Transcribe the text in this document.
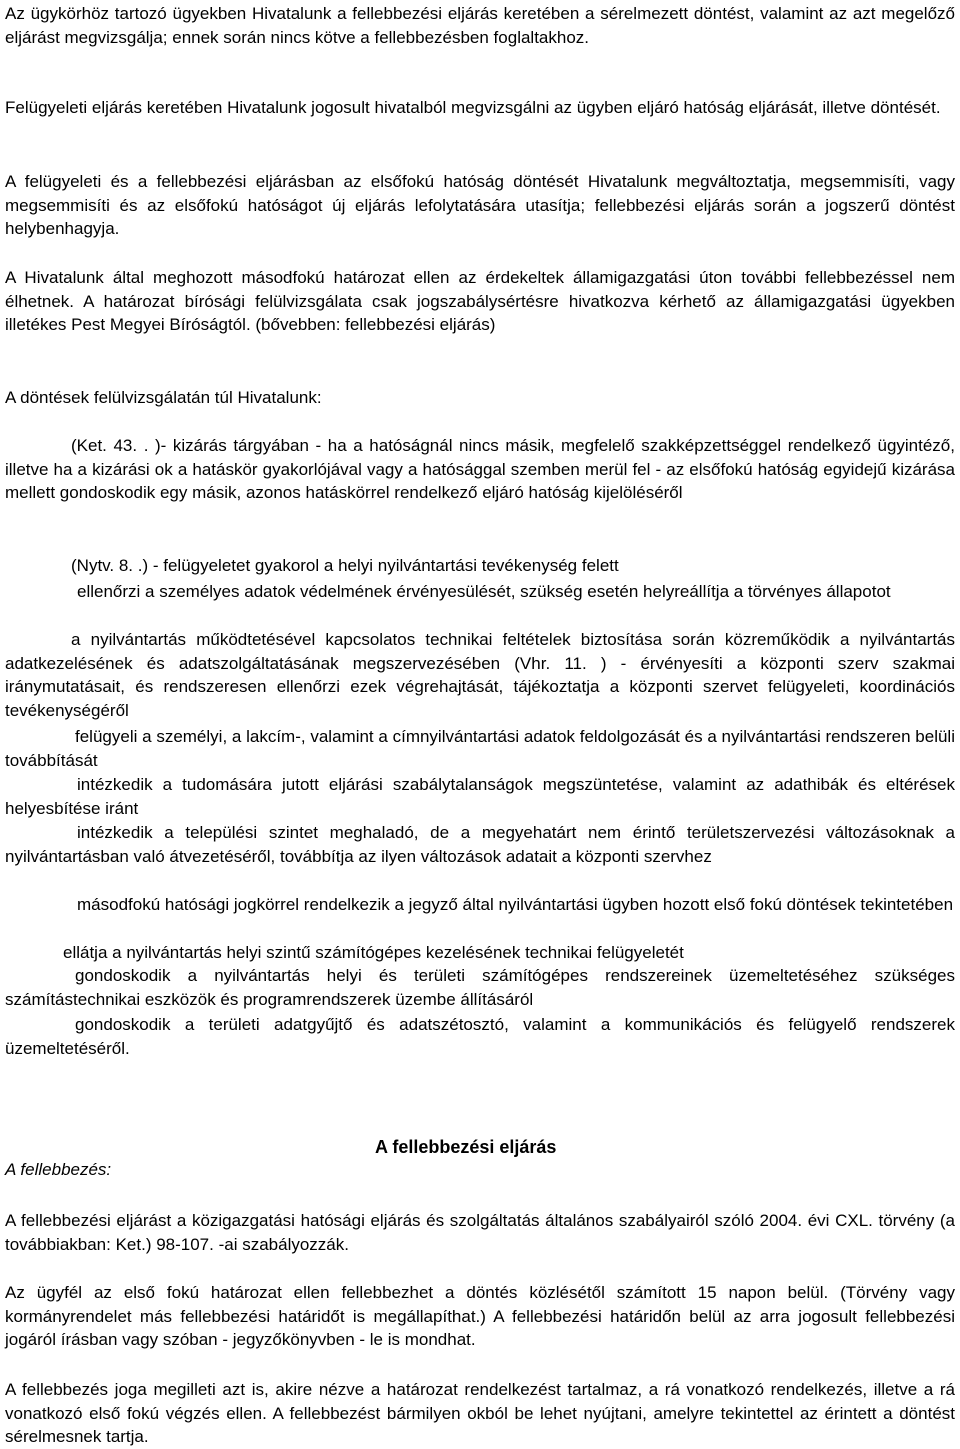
Az ügykörhöz tartozó ügyekben Hivatalunk a fellebbezési eljárás keretében a sérelmezett döntést, valamint az azt megelőző eljárást megvizsgálja; ennek során nincs kötve a fellebbezésben foglaltakhoz.

Felügyeleti eljárás keretében Hivatalunk jogosult hivatalból megvizsgálni az ügyben eljáró hatóság eljárását, illetve döntését.

A felügyeleti és a fellebbezési eljárásban az elsőfokú hatóság döntését Hivatalunk megváltoztatja, megsemmisíti, vagy megsemmisíti és az elsőfokú hatóságot új eljárás lefolytatására utasítja; fellebbezési eljárás során a jogszerű döntést helybenhagyja.

A Hivatalunk által meghozott másodfokú határozat ellen az érdekeltek államigazgatási úton további fellebbezéssel nem élhetnek. A határozat bírósági felülvizsgálata csak jogszabálysértésre hivatkozva kérhető az államigazgatási ügyekben illetékes Pest Megyei Bíróságtól. (bővebben: fellebbezési eljárás)

A döntések felülvizsgálatán túl Hivatalunk:

(Ket. 43. . )- kizárás tárgyában - ha a hatóságnál nincs másik, megfelelő szakképzettséggel rendelkező ügyintéző, illetve ha a kizárási ok a hatáskör gyakorlójával vagy a hatósággal szemben merül fel - az elsőfokú hatóság egyidejű kizárása mellett gondoskodik egy másik, azonos hatáskörrel rendelkező eljáró hatóság kijelöléséről

(Nytv. 8. .) - felügyeletet gyakorol a helyi nyilvántartási tevékenység felett

ellenőrzi a személyes adatok védelmének érvényesülését, szükség esetén helyreállítja a törvényes állapotot

a nyilvántartás működtetésével kapcsolatos technikai feltételek biztosítása során közreműködik a nyilvántartás adatkezelésének és adatszolgáltatásának megszervezésében (Vhr. 11. ) - érvényesíti a központi szerv szakmai iránymutatásait, és rendszeresen ellenőrzi ezek végrehajtását, tájékoztatja a központi szervet felügyeleti, koordinációs tevékenységéről

felügyeli a személyi, a lakcím-, valamint a címnyilvántartási adatok feldolgozását és a nyilvántartási rendszeren belüli továbbítását

intézkedik a tudomására jutott eljárási szabálytalanságok megszüntetése, valamint az adathibák és eltérések helyesbítése iránt

intézkedik a települési szintet meghaladó, de a megyehatárt nem érintő területszervezési változásoknak a nyilvántartásban való átvezetéséről, továbbítja az ilyen változások adatait a központi szervhez

másodfokú hatósági jogkörrel rendelkezik a jegyző által nyilvántartási ügyben hozott első fokú döntések tekintetében

ellátja a nyilvántartás helyi szintű számítógépes kezelésének technikai felügyeletét

gondoskodik a nyilvántartás helyi és területi számítógépes rendszereinek üzemeltetéséhez szükséges számítástechnikai eszközök és programrendszerek üzembe állításáról

gondoskodik a területi adatgyűjtő és adatszétosztó, valamint a kommunikációs és felügyelő rendszerek üzemeltetéséről.

A fellebbezési eljárás

A fellebbezés:

A fellebbezési eljárást a közigazgatási hatósági eljárás és szolgáltatás általános szabályairól szóló 2004. évi CXL. törvény (a továbbiakban: Ket.) 98-107. -ai szabályozzák.

Az ügyfél az első fokú határozat ellen fellebbezhet a döntés közlésétől számított 15 napon belül. (Törvény vagy kormányrendelet más fellebbezési határidőt is megállapíthat.) A fellebbezési határidőn belül az arra jogosult fellebbezési jogáról írásban vagy szóban - jegyzőkönyvben - le is mondhat.

A fellebbezés joga megilleti azt is, akire nézve a határozat rendelkezést tartalmaz, a rá vonatkozó rendelkezés, illetve a rá vonatkozó első fokú végzés ellen. A fellebbezést bármilyen okból be lehet nyújtani, amelyre tekintettel az érintett a döntést sérelmesnek tartja.
